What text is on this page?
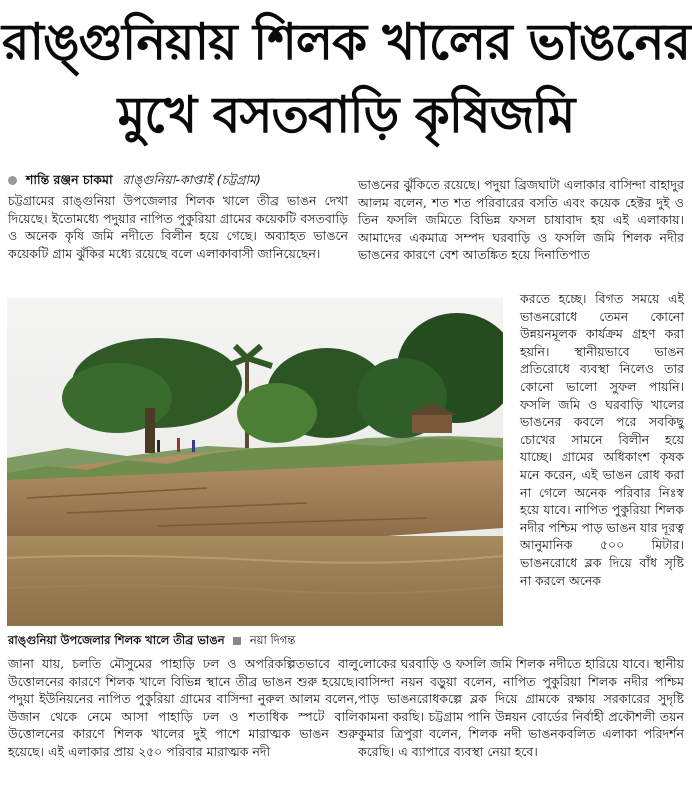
রাঙ্গুনিয়ায় শিলক খালের ভাঙনের
মুখে বসতবাড়ি কৃষিজমি
শান্তি রঞ্জন চাকমা রাঙ্গুনিয়া-কাপ্তাই (চট্টগ্রাম)

চট্টগ্রামের রাঙ্গুনিয়া উপজেলার শিলক খালে তীব্র ভাঙন দেখা দিয়েছে। ইতোমধ্যে পদুয়ার নাপিত পুকুরিয়া গ্রামের কয়েকটি বসতবাড়ি ও অনেক কৃষি জমি নদীতে বিলীন হয়ে গেছে। অব্যাহত ভাঙনে কয়েকটি গ্রাম ঝুঁকির মধ্যে রয়েছে বলে এলাকাবাসী জানিয়েছেন।

ভাঙনের ঝুঁকিতে রয়েছে। পদুয়া ব্রিজঘাটা এলাকার বাসিন্দা বাহাদুর আলম বলেন, শত শত পরিবারের বসতি এবং কয়েক হেক্টর দুই ও তিন ফসলি জমিতে বিভিন্ন ফসল চাষাবাদ হয় এই এলাকায়। আমাদের একমাত্র সম্পদ ঘরবাড়ি ও ফসলি জমি শিলক নদীর ভাঙনের কারণে বেশ আতঙ্কিত হয়ে দিনাতিপাত

করতে হচ্ছে। বিগত সময়ে এই ভাঙনরোধে তেমন কোনো উন্নয়নমূলক কার্যক্রম গ্রহণ করা হয়নি। স্থানীয়ভাবে ভাঙন প্রতিরোধে ব্যবস্থা নিলেও তার কোনো ভালো সুফল পায়নি। ফসলি জমি ও ঘরবাড়ি খালের ভাঙনের কবলে পরে সবকিছু চোখের সামনে বিলীন হয়ে যাচ্ছে। গ্রামের অধিকাংশ কৃষক মনে করেন, এই ভাঙন রোধ করা না গেলে অনেক পরিবার নিঃস্ব হয়ে যাবে। নাপিত পুকুরিয়া শিলক নদীর পশ্চিম পাড় ভাঙন যার দূরত্ব আনুমানিক ৫০০ মিটার। ভাঙনরোধে ব্লক দিয়ে বাঁধ সৃষ্টি না করলে অনেক

রাঙ্গুনিয়া উপজেলার শিলক খালে তীব্র ভাঙন নয়া দিগন্ত

জানা যায়, চলতি মৌসুমের পাহাড়ি ঢল ও অপরিকল্পিতভাবে বালু উত্তোলনের কারণে শিলক খালে বিভিন্ন স্থানে তীব্র ভাঙন শুরু হয়েছে। পদুয়া ইউনিয়নের নাপিত পুকুরিয়া গ্রামের বাসিন্দা নুরুল আলম বলেন, উজান থেকে নেমে আসা পাহাড়ি ঢল ও শতাধিক স্পটে বালি উত্তোলনের কারণে শিলক খালের দুই পাশে মারাত্মক ভাঙন শুরু হয়েছে। এই এলাকার প্রায় ২৫০ পরিবার মারাত্মক নদী

লোকের ঘরবাড়ি ও ফসলি জমি শিলক নদীতে হারিয়ে যাবে। স্থানীয় বাসিন্দা নয়ন বড়ুয়া বলেন, নাপিত পুকুরিয়া শিলক নদীর পশ্চিম পাড় ভাঙনরোধকল্পে ব্লক দিয়ে গ্রামকে রক্ষায় সরকারের সুদৃষ্টি কামনা করছি। চট্টগ্রাম পানি উন্নয়ন বোর্ডের নির্বাহী প্রকৌশলী তয়ন কুমার ত্রিপুরা বলেন, শিলক নদী ভাঙনকবলিত এলাকা পরিদর্শন করেছি। এ ব্যাপারে ব্যবস্থা নেয়া হবে।
